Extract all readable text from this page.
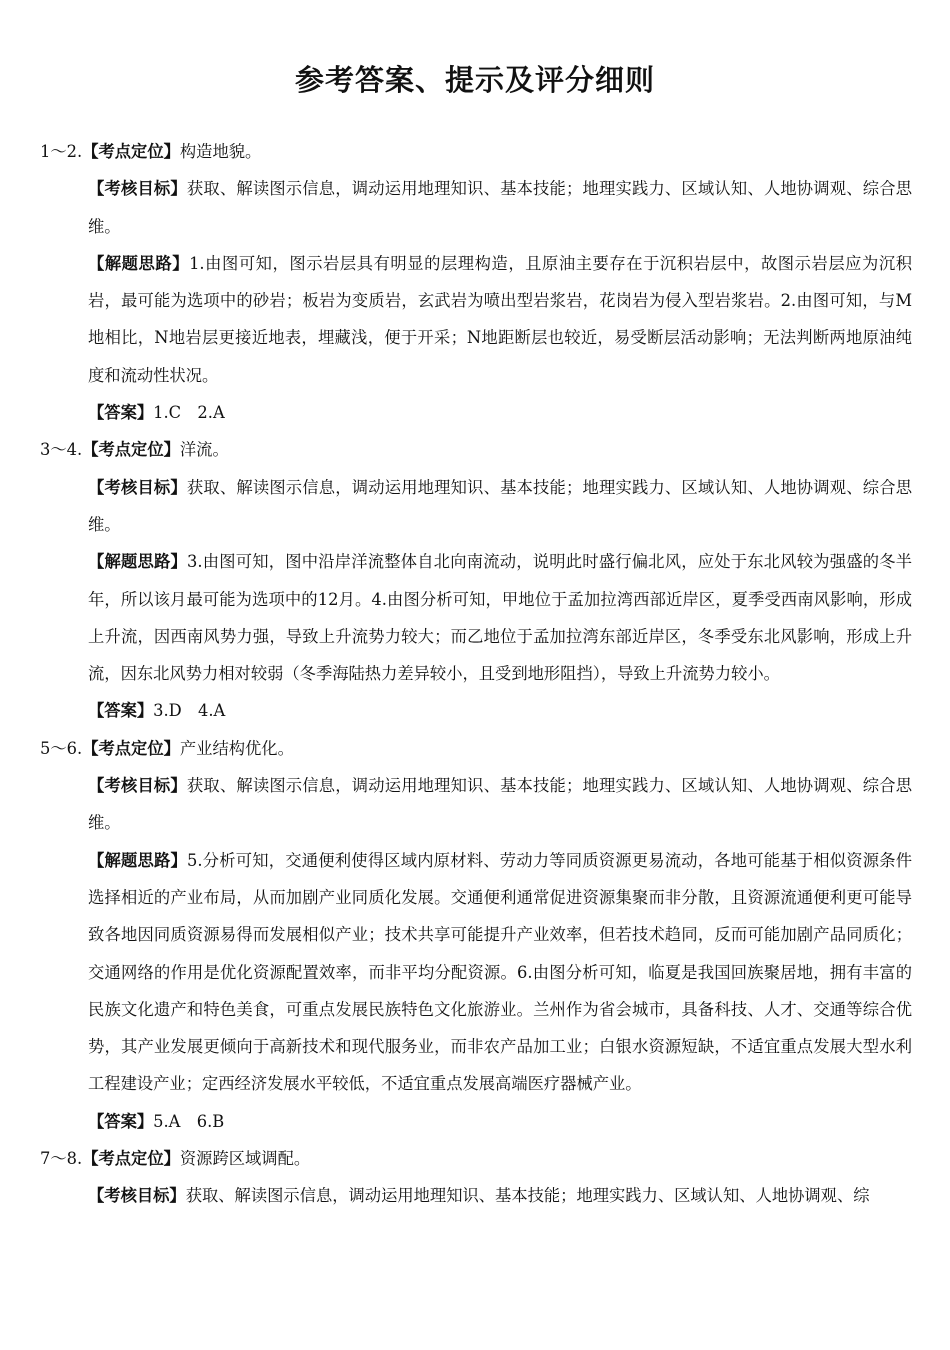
参考答案、提示及评分细则

1～2.【考点定位】构造地貌。

【考核目标】获取、解读图示信息，调动运用地理知识、基本技能；地理实践力、区域认知、人地协调观、综合思维。

【解题思路】1.由图可知，图示岩层具有明显的层理构造，且原油主要存在于沉积岩层中，故图示岩层应为沉积岩，最可能为选项中的砂岩；板岩为变质岩，玄武岩为喷出型岩浆岩，花岗岩为侵入型岩浆岩。2.由图可知，与M地相比，N地岩层更接近地表，埋藏浅，便于开采；N地距断层也较近，易受断层活动影响；无法判断两地原油纯度和流动性状况。

【答案】1.C　2.A

3～4.【考点定位】洋流。

【考核目标】获取、解读图示信息，调动运用地理知识、基本技能；地理实践力、区域认知、人地协调观、综合思维。

【解题思路】3.由图可知，图中沿岸洋流整体自北向南流动，说明此时盛行偏北风，应处于东北风较为强盛的冬半年，所以该月最可能为选项中的12月。4.由图分析可知，甲地位于孟加拉湾西部近岸区，夏季受西南风影响，形成上升流，因西南风势力强，导致上升流势力较大；而乙地位于孟加拉湾东部近岸区，冬季受东北风影响，形成上升流，因东北风势力相对较弱（冬季海陆热力差异较小，且受到地形阻挡），导致上升流势力较小。

【答案】3.D　4.A

5～6.【考点定位】产业结构优化。

【考核目标】获取、解读图示信息，调动运用地理知识、基本技能；地理实践力、区域认知、人地协调观、综合思维。

【解题思路】5.分析可知，交通便利使得区域内原材料、劳动力等同质资源更易流动，各地可能基于相似资源条件选择相近的产业布局，从而加剧产业同质化发展。交通便利通常促进资源集聚而非分散，且资源流通便利更可能导致各地因同质资源易得而发展相似产业；技术共享可能提升产业效率，但若技术趋同，反而可能加剧产品同质化；交通网络的作用是优化资源配置效率，而非平均分配资源。6.由图分析可知，临夏是我国回族聚居地，拥有丰富的民族文化遗产和特色美食，可重点发展民族特色文化旅游业。兰州作为省会城市，具备科技、人才、交通等综合优势，其产业发展更倾向于高新技术和现代服务业，而非农产品加工业；白银水资源短缺，不适宜重点发展大型水利工程建设产业；定西经济发展水平较低，不适宜重点发展高端医疗器械产业。

【答案】5.A　6.B

7～8.【考点定位】资源跨区域调配。

【考核目标】获取、解读图示信息，调动运用地理知识、基本技能；地理实践力、区域认知、人地协调观、综
